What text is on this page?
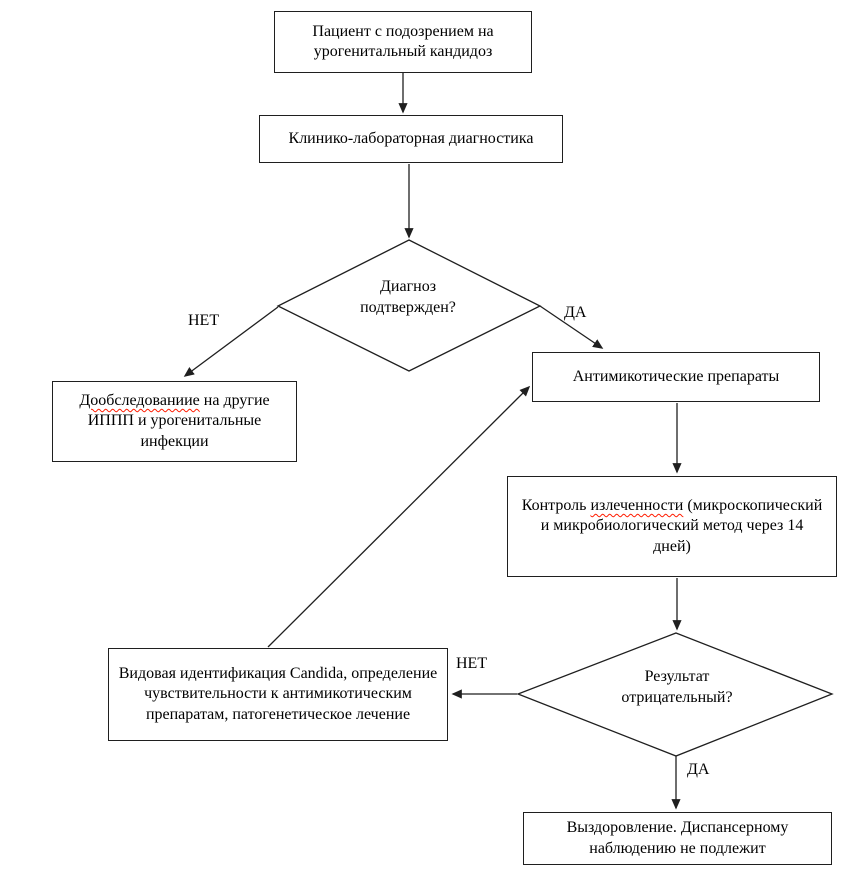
Пациент с подозрением на урогенитальный кандидоз
Клинико-лабораторная диагностика
Дообследованиие на другие ИППП и урогенитальные инфекции
Антимикотические препараты
Контроль излеченности (микроскопический и микробиологический метод через 14 дней)
Видовая идентификация Candida, определение чувствительности к антимикотическим препаратам, патогенетическое лечение
Выздоровление. Диспансерному наблюдению не подлежит
Диагноз подтвержден?
Результат отрицательный?
НЕТ	ДА
НЕТ
ДА
